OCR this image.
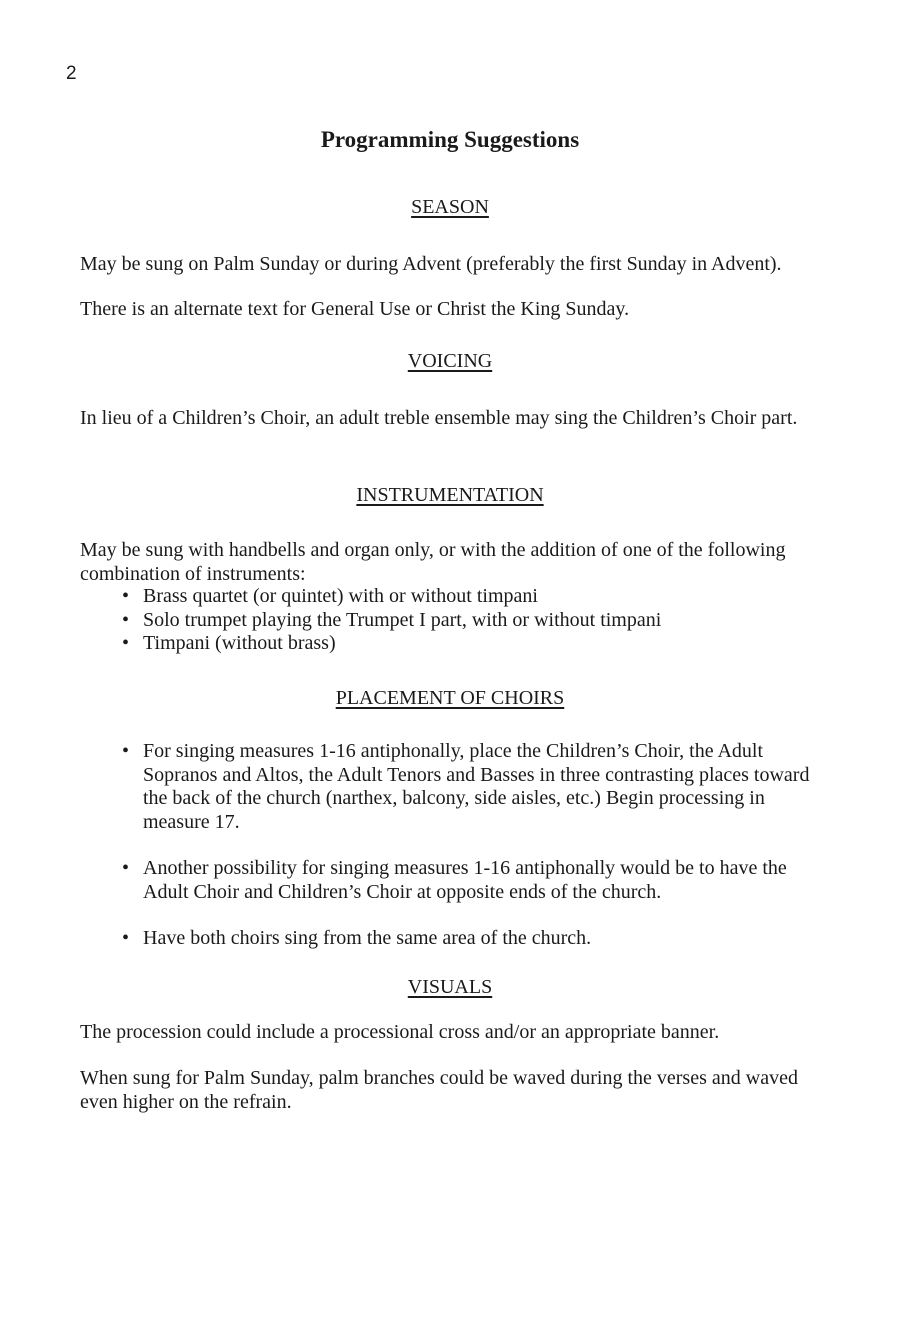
2
Programming Suggestions
SEASON
May be sung on Palm Sunday or during Advent (preferably the first Sunday in Advent).
There is an alternate text for General Use or Christ the King Sunday.
VOICING
In lieu of a Children’s Choir, an adult treble ensemble may sing the Children’s Choir part.
INSTRUMENTATION
May be sung with handbells and organ only, or with the addition of one of the following combination of instruments:
• Brass quartet (or quintet) with or without timpani
• Solo trumpet playing the Trumpet I part, with or without timpani
• Timpani (without brass)
PLACEMENT OF CHOIRS
• For singing measures 1-16 antiphonally, place the Children’s Choir, the Adult Sopranos and Altos, the Adult Tenors and Basses in three contrasting places toward the back of the church (narthex, balcony, side aisles, etc.) Begin processing in measure 17.
• Another possibility for singing measures 1-16 antiphonally would be to have the Adult Choir and Children’s Choir at opposite ends of the church.
• Have both choirs sing from the same area of the church.
VISUALS
The procession could include a processional cross and/or an appropriate banner.
When sung for Palm Sunday, palm branches could be waved during the verses and waved even higher on the refrain.
